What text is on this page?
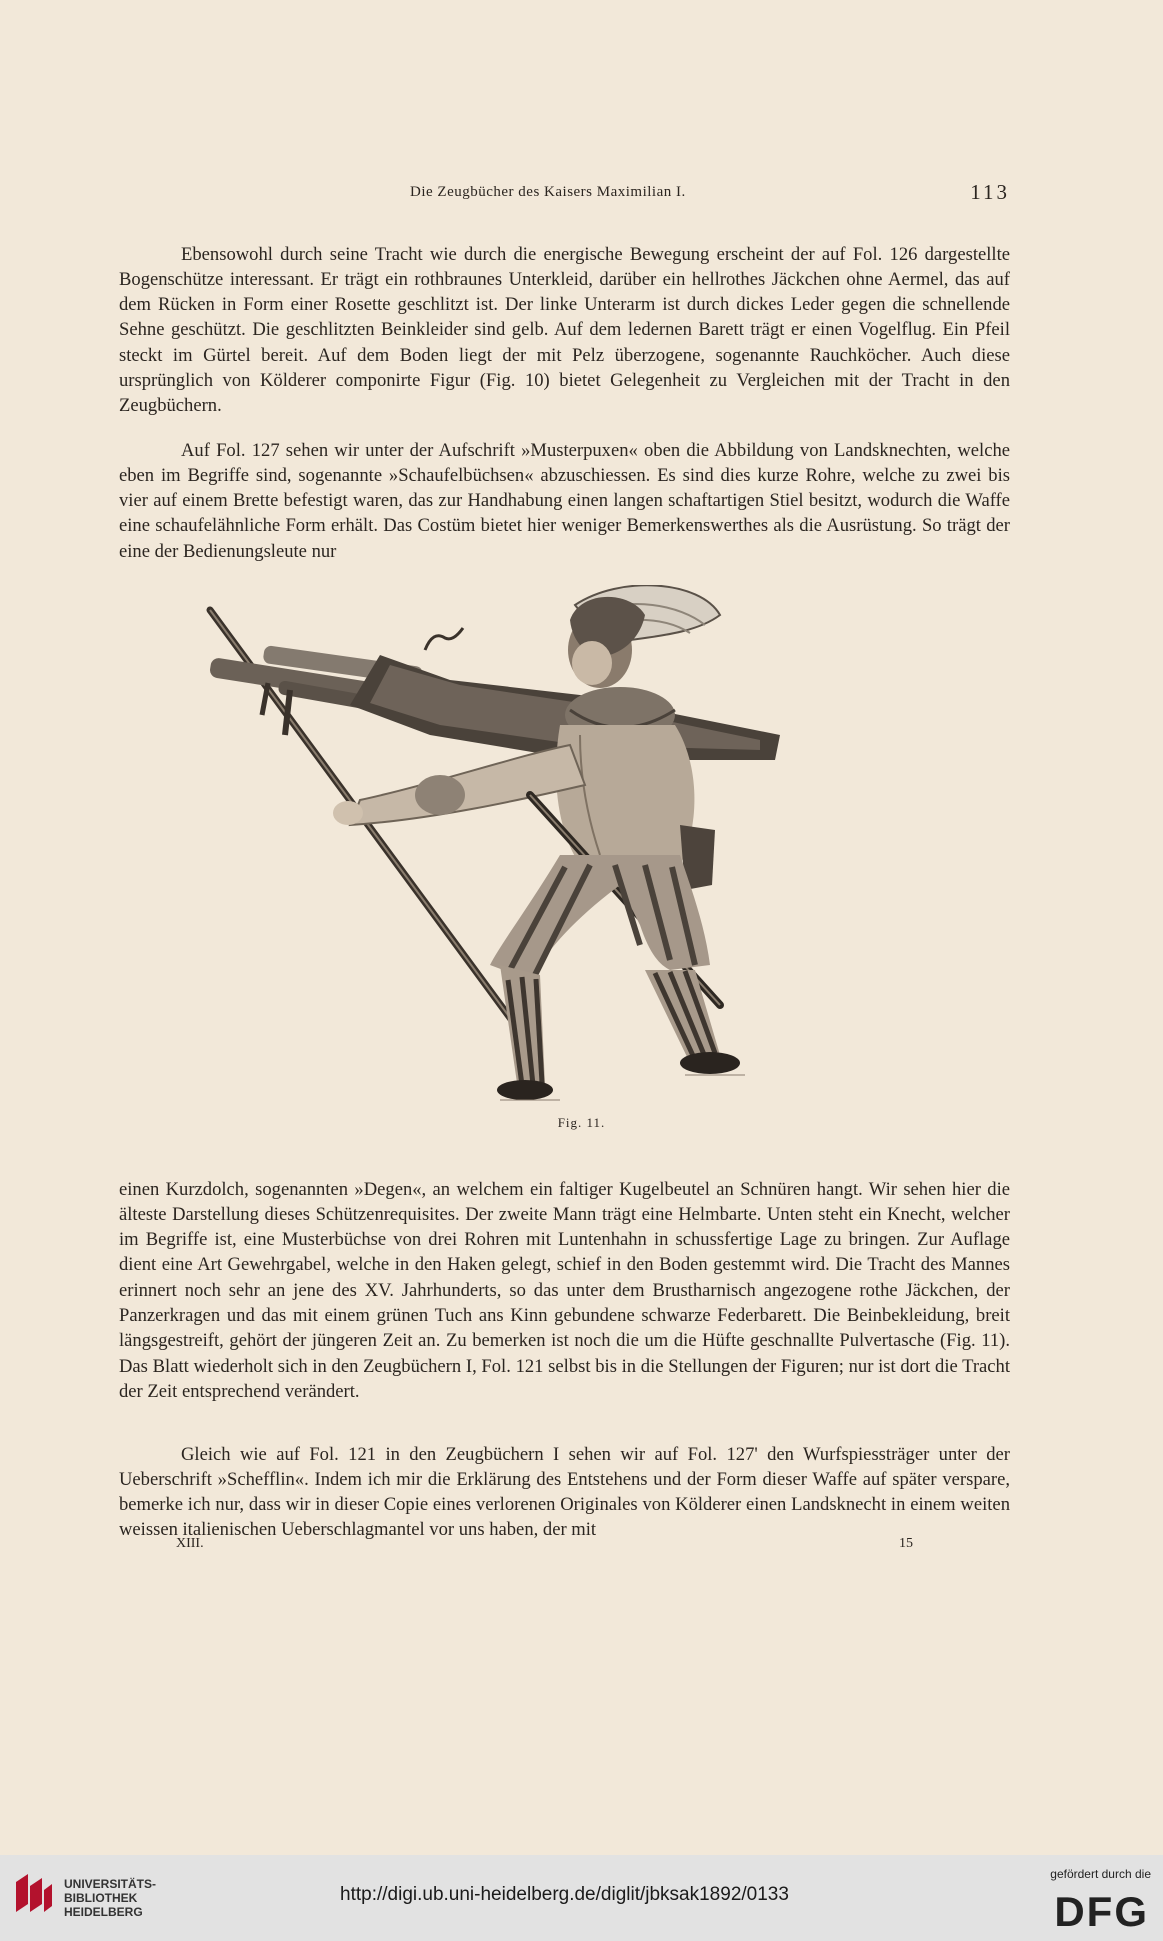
Die Zeugbücher des Kaisers Maximilian I.	113

Ebensowohl durch seine Tracht wie durch die energische Bewegung erscheint der auf Fol. 126 dargestellte Bogenschütze interessant. Er trägt ein rothbraunes Unterkleid, darüber ein hellrothes Jäckchen ohne Aermel, das auf dem Rücken in Form einer Rosette geschlitzt ist. Der linke Unterarm ist durch dickes Leder gegen die schnellende Sehne geschützt. Die geschlitzten Beinkleider sind gelb. Auf dem ledernen Barett trägt er einen Vogelflug. Ein Pfeil steckt im Gürtel bereit. Auf dem Boden liegt der mit Pelz überzogene, sogenannte Rauchköcher. Auch diese ursprünglich von Kölderer componirte Figur (Fig. 10) bietet Gelegenheit zu Vergleichen mit der Tracht in den Zeugbüchern.

Auf Fol. 127 sehen wir unter der Aufschrift »Musterpuxen« oben die Abbildung von Landsknechten, welche eben im Begriffe sind, sogenannte »Schaufelbüchsen« abzuschiessen. Es sind dies kurze Rohre, welche zu zwei bis vier auf einem Brette befestigt waren, das zur Handhabung einen langen schaftartigen Stiel besitzt, wodurch die Waffe eine schaufelähnliche Form erhält. Das Costüm bietet hier weniger Bemerkenswerthes als die Ausrüstung. So trägt der eine der Bedienungsleute nur

Fig. 11.

einen Kurzdolch, sogenannten »Degen«, an welchem ein faltiger Kugelbeutel an Schnüren hangt. Wir sehen hier die älteste Darstellung dieses Schützenrequisites. Der zweite Mann trägt eine Helmbarte. Unten steht ein Knecht, welcher im Begriffe ist, eine Musterbüchse von drei Rohren mit Luntenhahn in schussfertige Lage zu bringen. Zur Auflage dient eine Art Gewehrgabel, welche in den Haken gelegt, schief in den Boden gestemmt wird. Die Tracht des Mannes erinnert noch sehr an jene des XV. Jahrhunderts, so das unter dem Brustharnisch angezogene rothe Jäckchen, der Panzerkragen und das mit einem grünen Tuch ans Kinn gebundene schwarze Federbarett. Die Beinbekleidung, breit längsgestreift, gehört der jüngeren Zeit an. Zu bemerken ist noch die um die Hüfte geschnallte Pulvertasche (Fig. 11). Das Blatt wiederholt sich in den Zeugbüchern I, Fol. 121 selbst bis in die Stellungen der Figuren; nur ist dort die Tracht der Zeit entsprechend verändert.

Gleich wie auf Fol. 121 in den Zeugbüchern I sehen wir auf Fol. 127' den Wurfspiessträger unter der Ueberschrift »Schefflin«. Indem ich mir die Erklärung des Entstehens und der Form dieser Waffe auf später verspare, bemerke ich nur, dass wir in dieser Copie eines verlorenen Originales von Kölderer einen Landsknecht in einem weiten weissen italienischen Ueberschlagmantel vor uns haben, der mit

XIII.	15
UNIVERSITÄTS-
BIBLIOTHEK
HEIDELBERG
http://digi.ub.uni-heidelberg.de/diglit/jbksak1892/0133
gefördert durch die
DFG
